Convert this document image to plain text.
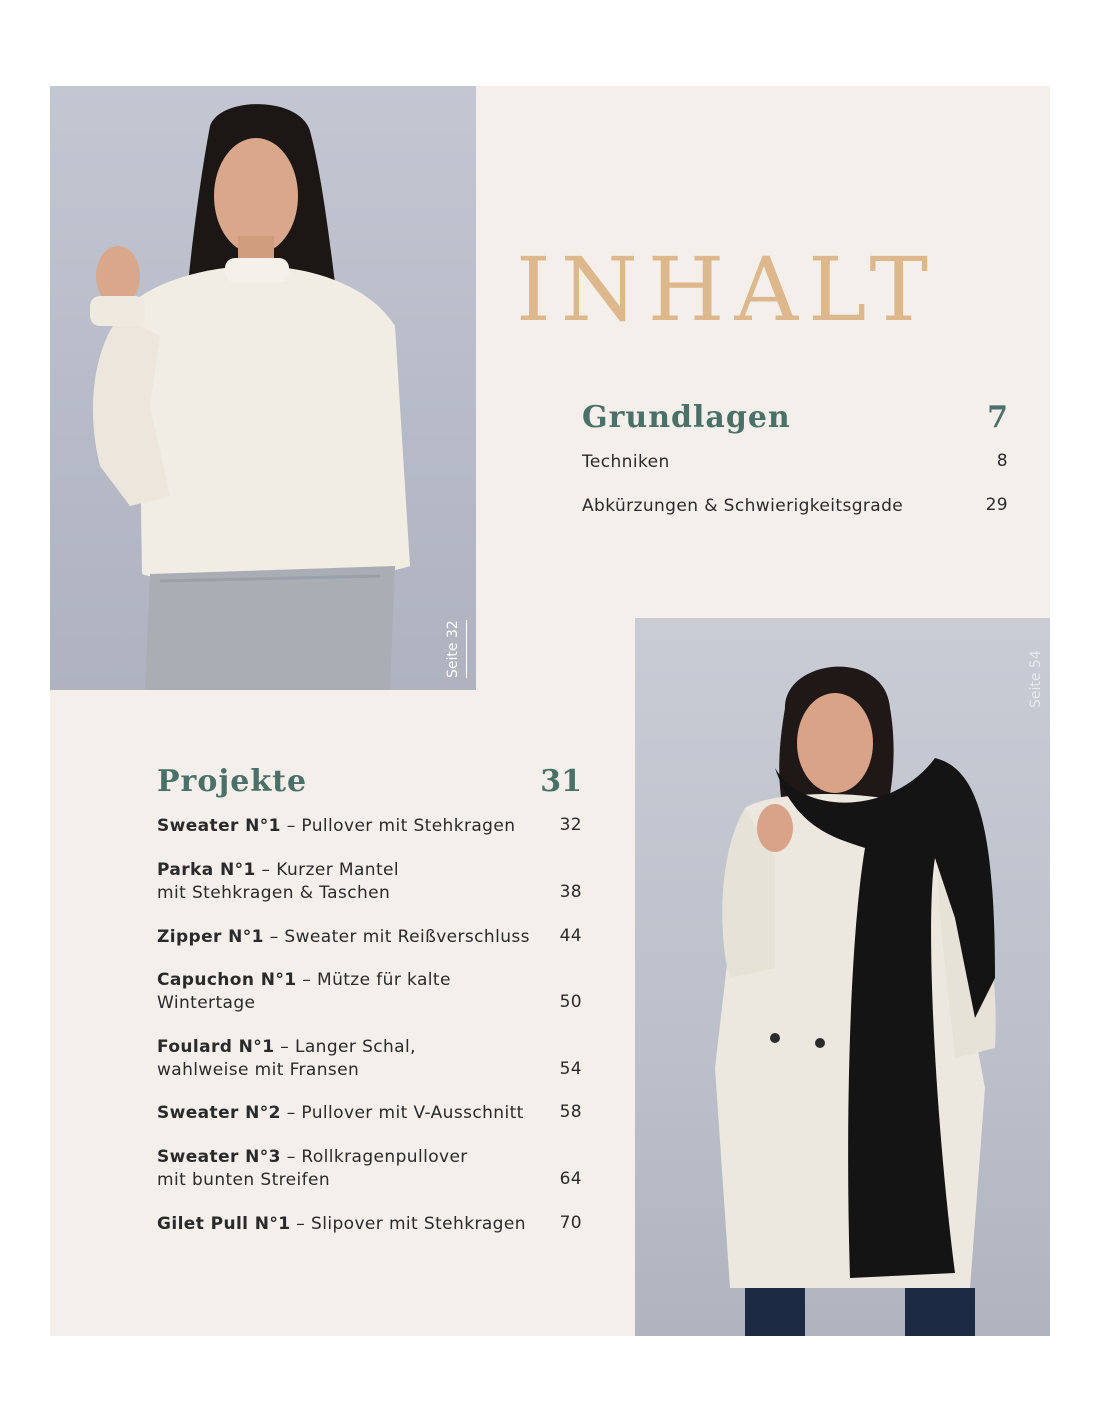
Seite 32
Seite 54
INHALT
Grundlagen	7
Techniken	8
Abkürzungen & Schwierigkeitsgrade	29
Projekte	31
Sweater N°1 – Pullover mit Stehkragen	32
Parka N°1 – Kurzer Mantel
mit Stehkragen & Taschen	38
Zipper N°1 – Sweater mit Reißverschluss	44
Capuchon N°1 – Mütze für kalte
Wintertage	50
Foulard N°1 – Langer Schal,
wahlweise mit Fransen	54
Sweater N°2 – Pullover mit V-Ausschnitt	58
Sweater N°3 – Rollkragenpullover
mit bunten Streifen	64
Gilet Pull N°1 – Slipover mit Stehkragen	70
